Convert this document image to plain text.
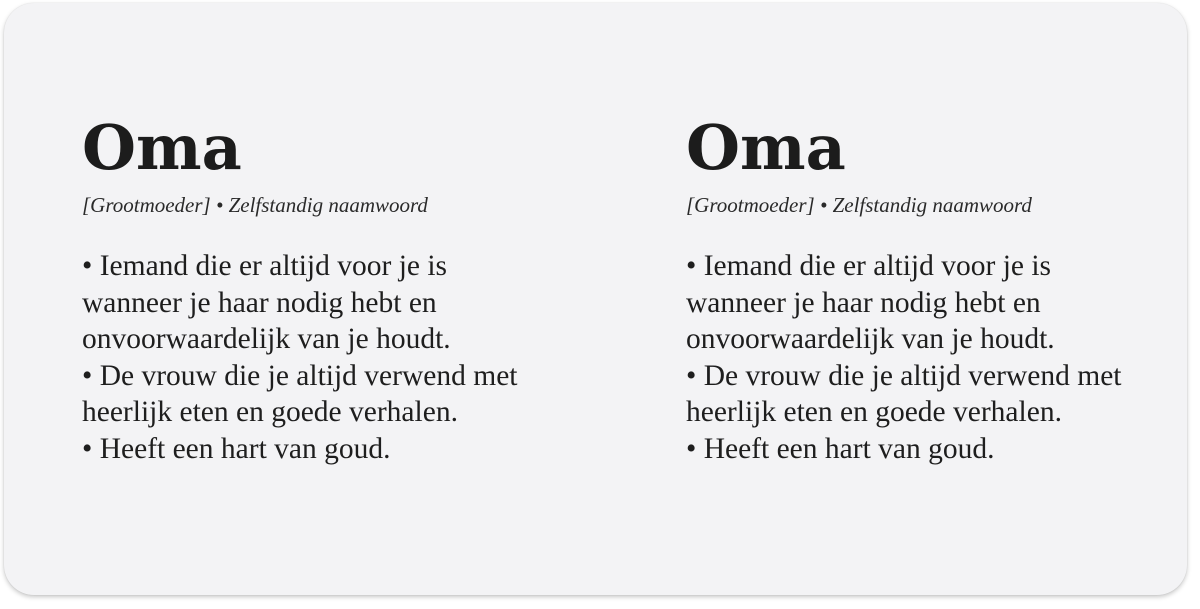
Oma
[Grootmoeder] • Zelfstandig naamwoord
• Iemand die er altijd voor je is wanneer je haar nodig hebt en onvoorwaardelijk van je houdt.
• De vrouw die je altijd verwend met heerlijk eten en goede verhalen.
• Heeft een hart van goud.
Oma
[Grootmoeder] • Zelfstandig naamwoord
• Iemand die er altijd voor je is wanneer je haar nodig hebt en onvoorwaardelijk van je houdt.
• De vrouw die je altijd verwend met heerlijk eten en goede verhalen.
• Heeft een hart van goud.
